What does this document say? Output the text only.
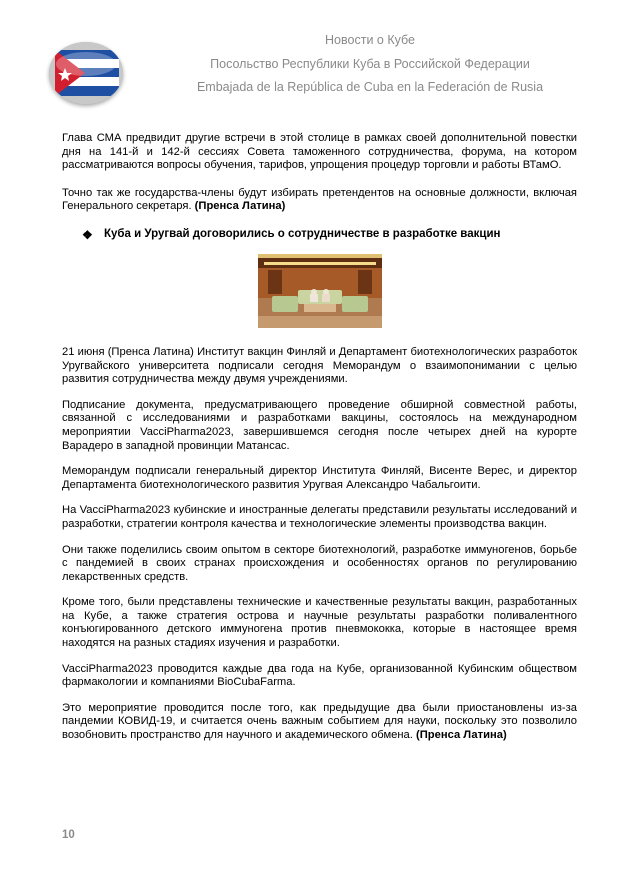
Новости о Кубе
Посольство Республики Куба в Российской Федерации
Embajada de la República de Cuba en la Federación de Rusia

Глава СМА предвидит другие встречи в этой столице в рамках своей дополнительной повестки дня на 141-й и 142-й сессиях Совета таможенного сотрудничества, форума, на котором рассматриваются вопросы обучения, тарифов, упрощения процедур торговли и работы ВТамО.

Точно так же государства-члены будут избирать претендентов на основные должности, включая Генерального секретаря. (Пренса Латина)

❖ Куба и Уругвай договорились о сотрудничестве в разработке вакцин

21 июня (Пренса Латина) Институт вакцин Финляй и Департамент биотехнологических разработок Уругвайского университета подписали сегодня Меморандум о взаимопонимании с целью развития сотрудничества между двумя учреждениями.

Подписание документа, предусматривающего проведение обширной совместной работы, связанной с исследованиями и разработками вакцины, состоялось на международном мероприятии VacciPharma2023, завершившемся сегодня после четырех дней на курорте Варадеро в западной провинции Матансас.

Меморандум подписали генеральный директор Института Финляй, Висенте Верес, и директор Департамента биотехнологического развития Уругвая Александро Чабальгоити.

На VacciPharma2023 кубинские и иностранные делегаты представили результаты исследований и разработки, стратегии контроля качества и технологические элементы производства вакцин.

Они также поделились своим опытом в секторе биотехнологий, разработке иммуногенов, борьбе с пандемией в своих странах происхождения и особенностях органов по регулированию лекарственных средств.

Кроме того, были представлены технические и качественные результаты вакцин, разработанных на Кубе, а также стратегия острова и научные результаты разработки поливалентного конъюгированного детского иммуногена против пневмококка, которые в настоящее время находятся на разных стадиях изучения и разработки.

VacciPharma2023 проводится каждые два года на Кубе, организованной Кубинским обществом фармакологии и компаниями BioCubaFarma.

Это мероприятие проводится после того, как предыдущие два были приостановлены из-за пандемии КОВИД-19, и считается очень важным событием для науки, поскольку это позволило возобновить пространство для научного и академического обмена. (Пренса Латина)

10
